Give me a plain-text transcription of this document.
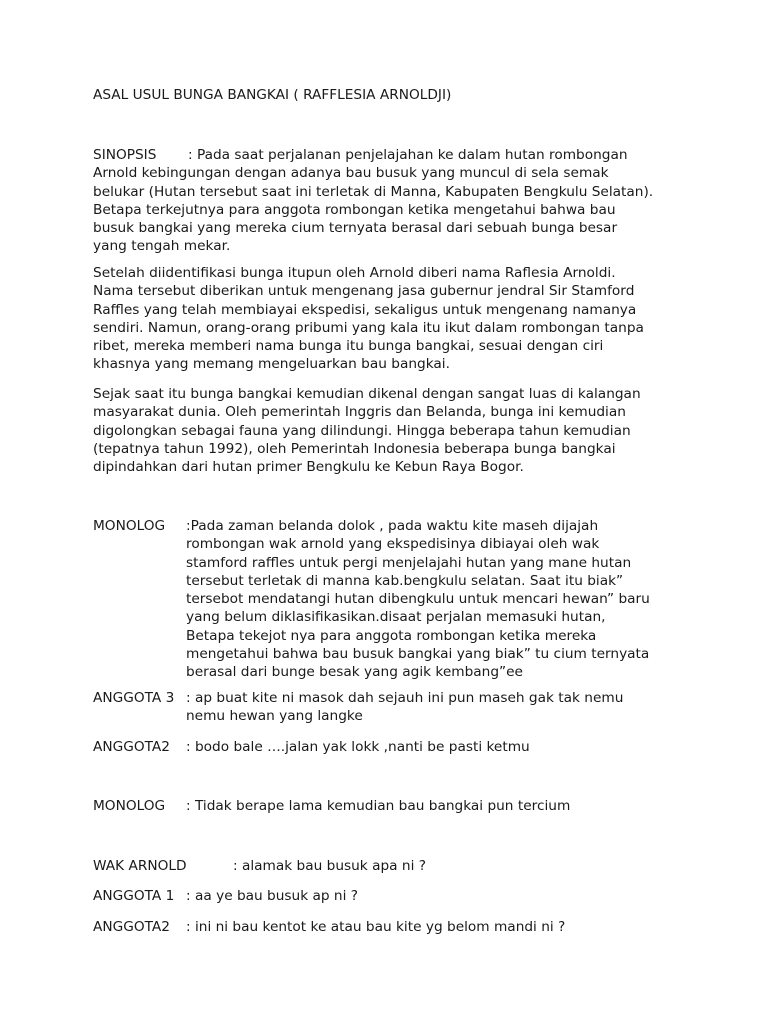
ASAL USUL BUNGA BANGKAI ( RAFFLESIA ARNOLDJI)
SINOPSIS	: Pada saat perjalanan penjelajahan ke dalam hutan rombongan
Arnold kebingungan dengan adanya bau busuk yang muncul di sela semak
belukar (Hutan tersebut saat ini terletak di Manna, Kabupaten Bengkulu Selatan).
Betapa terkejutnya para anggota rombongan ketika mengetahui bahwa bau
busuk bangkai yang mereka cium ternyata berasal dari sebuah bunga besar
yang tengah mekar.

Setelah diidentifikasi bunga itupun oleh Arnold diberi nama Raflesia Arnoldi.
Nama tersebut diberikan untuk mengenang jasa gubernur jendral Sir Stamford
Raffles yang telah membiayai ekspedisi, sekaligus untuk mengenang namanya
sendiri. Namun, orang-orang pribumi yang kala itu ikut dalam rombongan tanpa
ribet, mereka memberi nama bunga itu bunga bangkai, sesuai dengan ciri
khasnya yang memang mengeluarkan bau bangkai.

Sejak saat itu bunga bangkai kemudian dikenal dengan sangat luas di kalangan
masyarakat dunia. Oleh pemerintah Inggris dan Belanda, bunga ini kemudian
digolongkan sebagai fauna yang dilindungi. Hingga beberapa tahun kemudian
(tepatnya tahun 1992), oleh Pemerintah Indonesia beberapa bunga bangkai
dipindahkan dari hutan primer Bengkulu ke Kebun Raya Bogor.

MONOLOG :Pada zaman belanda dolok , pada waktu kite maseh dijajah
rombongan wak arnold yang ekspedisinya dibiayai oleh wak
stamford raffles untuk pergi menjelajahi hutan yang mane hutan
tersebut terletak di manna kab.bengkulu selatan. Saat itu biak”
tersebot mendatangi hutan dibengkulu untuk mencari hewan” baru
yang belum diklasifikasikan.disaat perjalan memasuki hutan,
Betapa tekejot nya para anggota rombongan ketika mereka
mengetahui bahwa bau busuk bangkai yang biak” tu cium ternyata
berasal dari bunge besak yang agik kembang”ee
ANGGOTA 3 : ap buat kite ni masok dah sejauh ini pun maseh gak tak nemu
nemu hewan yang langke
ANGGOTA2 : bodo bale ….jalan yak lokk ,nanti be pasti ketmu
MONOLOG : Tidak berape lama kemudian bau bangkai pun tercium
WAK ARNOLD	: alamak bau busuk apa ni ?
ANGGOTA 1 : aa ye bau busuk ap ni ?
ANGGOTA2 : ini ni bau kentot ke atau bau kite yg belom mandi ni ?
